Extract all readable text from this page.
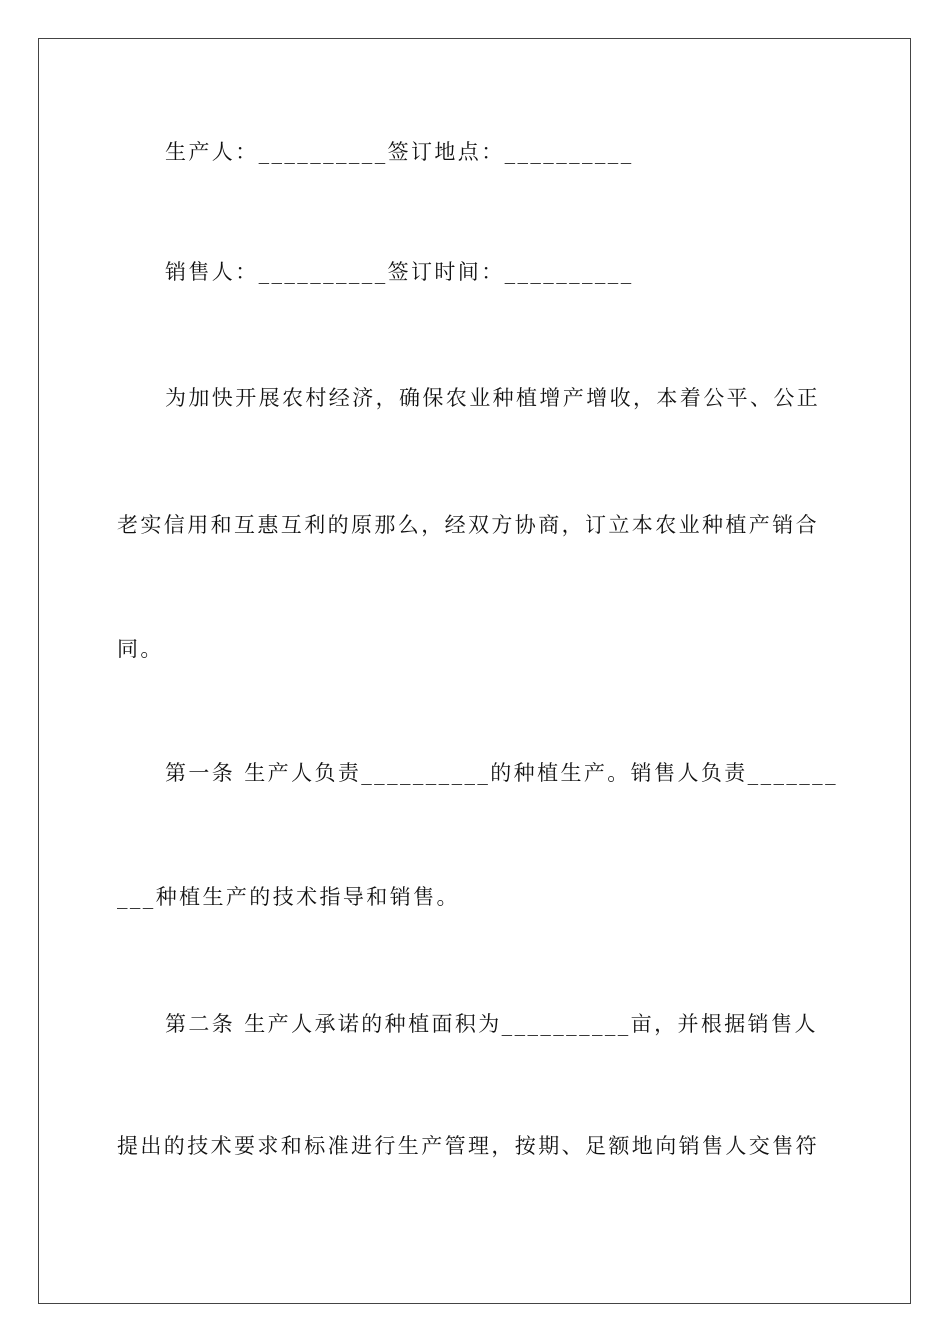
生产人：__________签订地点：__________
销售人：__________签订时间：__________
为加快开展农村经济，确保农业种植增产增收，本着公平、公正
老实信用和互惠互利的原那么，经双方协商，订立本农业种植产销合
同。
第一条 生产人负责__________的种植生产。销售人负责_______
___种植生产的技术指导和销售。
第二条 生产人承诺的种植面积为__________亩，并根据销售人
提出的技术要求和标准进行生产管理，按期、足额地向销售人交售符
